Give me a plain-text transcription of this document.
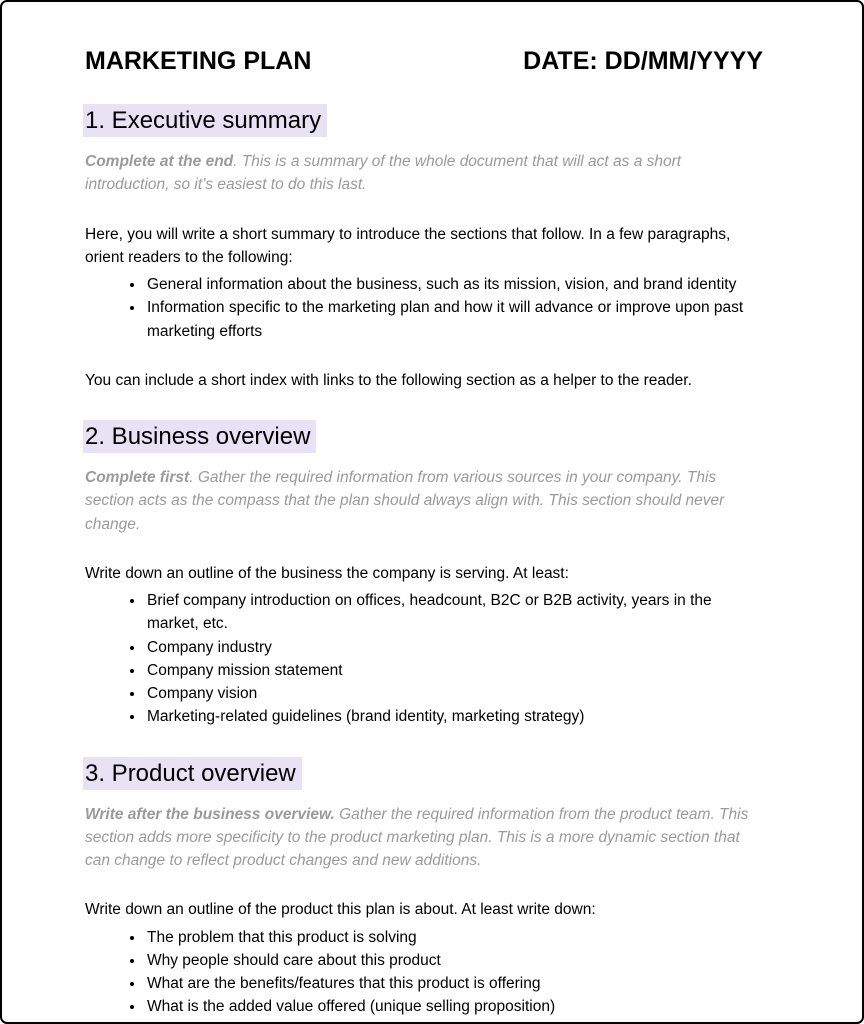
MARKETING PLAN	DATE: DD/MM/YYYY
1. Executive summary

Complete at the end. This is a summary of the whole document that will act as a short introduction, so it’s easiest to do this last.

Here, you will write a short summary to introduce the sections that follow. In a few paragraphs, orient readers to the following:

• General information about the business, such as its mission, vision, and brand identity
• Information specific to the marketing plan and how it will advance or improve upon past marketing efforts

You can include a short index with links to the following section as a helper to the reader.

2. Business overview

Complete first. Gather the required information from various sources in your company. This section acts as the compass that the plan should always align with. This section should never change.

Write down an outline of the business the company is serving. At least:

• Brief company introduction on offices, headcount, B2C or B2B activity, years in the market, etc.
• Company industry
• Company mission statement
• Company vision
• Marketing-related guidelines (brand identity, marketing strategy)
3. Product overview

Write after the business overview. Gather the required information from the product team. This section adds more specificity to the product marketing plan. This is a more dynamic section that can change to reflect product changes and new additions.

Write down an outline of the product this plan is about. At least write down:

• The problem that this product is solving
• Why people should care about this product
• What are the benefits/features that this product is offering
• What is the added value offered (unique selling proposition)
